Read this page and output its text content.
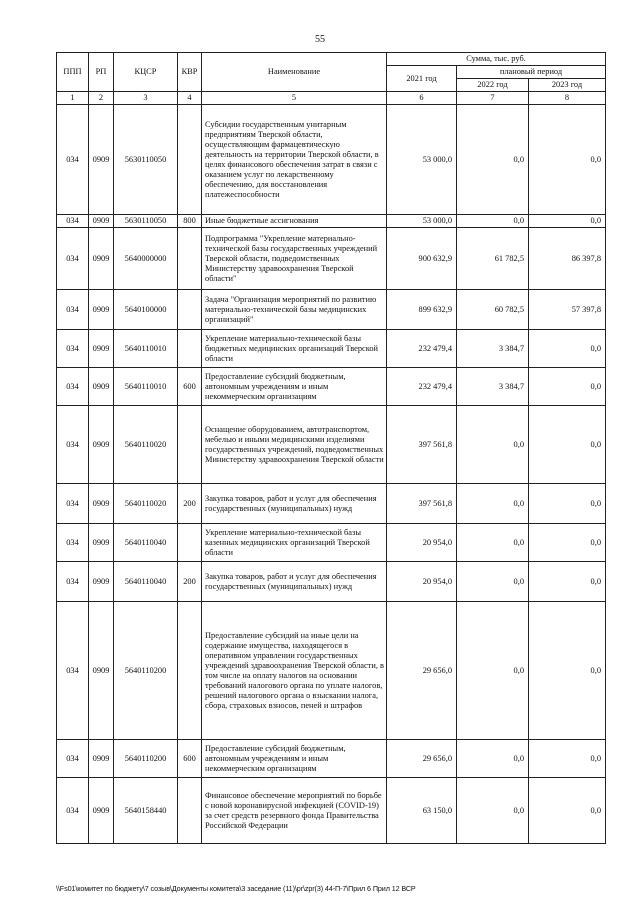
55
ППП	РП	КЦСР	КВР	Наименование	Сумма, тыс. руб.		
					2021 год	плановый период	
						2022 год	2023 год
1	2	3	4	5	6	7	8
034	0909	5630110050		Субсидии государственным унитарным предприятиям Тверской области, осуществляющим фармацевтическую деятельность на территории Тверской области, в целях финансового обеспечения затрат в связи с оказанием услуг по лекарственному обеспечению, для восстановления платежеспособности	53 000,0	0,0	0,0
034	0909	5630110050	800	Иные бюджетные ассигнования	53 000,0	0,0	0,0
034	0909	5640000000		Подпрограмма "Укрепление материально-технической базы государственных учреждений Тверской области, подведомственных Министерству здравоохранения Тверской области"	900 632,9	61 782,5	86 397,8
034	0909	5640100000		Задача "Организация мероприятий по развитию материально-технической базы медицинских организаций"	899 632,9	60 782,5	57 397,8
034	0909	5640110010		Укрепление материально-технической базы бюджетных медицинских организаций Тверской области	232 479,4	3 384,7	0,0
034	0909	5640110010	600	Предоставление субсидий бюджетным, автономным учреждениям и иным некоммерческим организациям	232 479,4	3 384,7	0,0
034	0909	5640110020		Оснащение оборудованием, автотранспортом, мебелью и иными медицинскими изделиями государственных учреждений, подведомственных Министерству здравоохранения Тверской области	397 561,8	0,0	0,0
034	0909	5640110020	200	Закупка товаров, работ и услуг для обеспечения государственных (муниципальных) нужд	397 561,8	0,0	0,0
034	0909	5640110040		Укрепление материально-технической базы казенных медицинских организаций Тверской области	20 954,0	0,0	0,0
034	0909	5640110040	200	Закупка товаров, работ и услуг для обеспечения государственных (муниципальных) нужд	20 954,0	0,0	0,0
034	0909	5640110200		Предоставление субсидий на иные цели на содержание имущества, находящегося в оперативном управлении государственных учреждений здравоохранения Тверской области, в том числе на оплату налогов на основании требований налогового органа по уплате налогов, решений налогового органа о взыскании налога, сбора, страховых взносов, пеней и штрафов	29 656,0	0,0	0,0
034	0909	5640110200	600	Предоставление субсидий бюджетным, автономным учреждениям и иным некоммерческим организациям	29 656,0	0,0	0,0
034	0909	5640158440		Финансовое обеспечение мероприятий по борьбе с новой коронавирусной инфекцией (COVID-19) за счет средств резервного фонда Правительства Российской Федерации	63 150,0	0,0	0,0
\\Fs01\комитет по бюджету\7 созыв\Документы комитета\3 заседание (11)\pr\zpr(3) 44-П-7\Прил 6 Прил 12 ВСР
